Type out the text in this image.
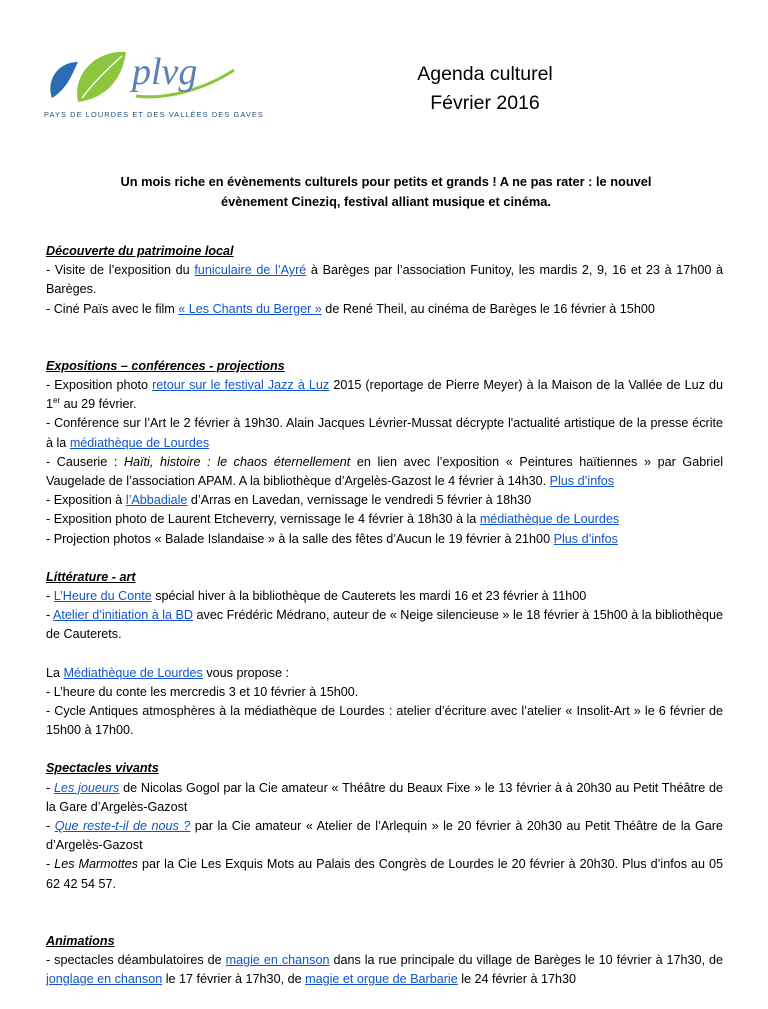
plvg
PAYS DE LOURDES ET DES VALLÉES DES GAVES
Agenda culturel
Février 2016
Un mois riche en évènements culturels pour petits et grands ! A ne pas rater : le nouvel évènement Cineziq, festival alliant musique et cinéma.

Découverte du patrimoine local

- Visite de l’exposition du funiculaire de l’Ayré à Barèges par l’association Funitoy, les mardis 2, 9, 16 et 23 à 17h00 à Barèges.

- Ciné Païs avec le film « Les Chants du Berger » de René Theil, au cinéma de Barèges le 16 février à 15h00

Expositions – conférences - projections

- Exposition photo retour sur le festival Jazz à Luz 2015 (reportage de Pierre Meyer) à la Maison de la Vallée de Luz du 1er au 29 février.

- Conférence sur l’Art le 2 février à 19h30. Alain Jacques Lévrier-Mussat décrypte l'actualité artistique de la presse écrite à la médiathèque de Lourdes

- Causerie : Haïti, histoire : le chaos éternellement en lien avec l’exposition « Peintures haïtiennes » par Gabriel Vaugelade de l’association APAM. A la bibliothèque d’Argelès-Gazost le 4 février à 14h30. Plus d’infos

- Exposition à l’Abbadiale d’Arras en Lavedan, vernissage le vendredi 5 février à 18h30

- Exposition photo de Laurent Etcheverry, vernissage le 4 février à 18h30 à la médiathèque de Lourdes

- Projection photos « Balade Islandaise » à la salle des fêtes d’Aucun le 19 février à 21h00 Plus d’infos

Littérature - art

- L’Heure du Conte spécial hiver à la bibliothèque de Cauterets les mardi 16 et 23 février à 11h00

- Atelier d’initiation à la BD avec Frédéric Médrano, auteur de « Neige silencieuse » le 18 février à 15h00 à la bibliothèque de Cauterets.

La Médiathèque de Lourdes vous propose :

- L’heure du conte les mercredis 3 et 10 février à 15h00.

- Cycle Antiques atmosphères à la médiathèque de Lourdes : atelier d’écriture avec l’atelier « Insolit-Art » le 6 février de 15h00 à 17h00.

Spectacles vivants

- Les joueurs de Nicolas Gogol par la Cie amateur « Théâtre du Beaux Fixe » le 13 février à à 20h30 au Petit Théâtre de la Gare d’Argelès-Gazost

- Que reste-t-il de nous ? par la Cie amateur « Atelier de l’Arlequin » le 20 février à 20h30 au Petit Théâtre de la Gare d’Argelès-Gazost

- Les Marmottes par la Cie Les Exquis Mots au Palais des Congrès de Lourdes le 20 février à 20h30. Plus d’infos au 05 62 42 54 57.

Animations

- spectacles déambulatoires de magie en chanson dans la rue principale du village de Barèges le 10 février à 17h30, de jonglage en chanson le 17 février à 17h30, de magie et orgue de Barbarie le 24 février à 17h30
